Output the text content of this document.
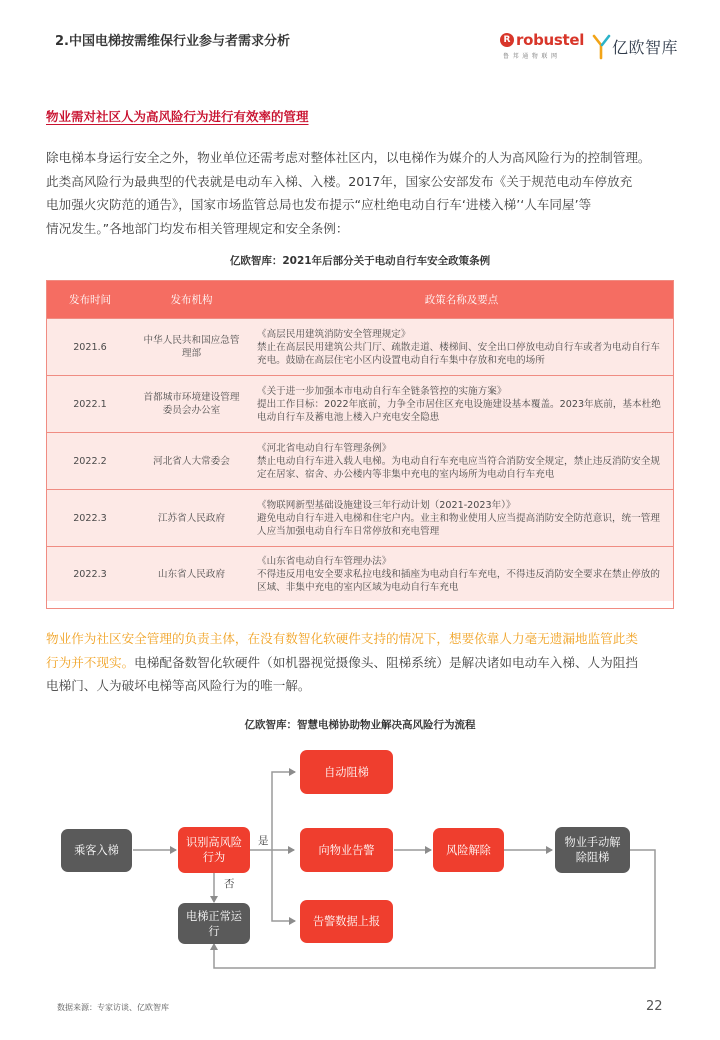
2.中国电梯按需维保行业参与者需求分析	R robustel
鲁邦通物联网	亿欧智库
物业需对社区人为高风险行为进行有效率的管理

除电梯本身运行安全之外，物业单位还需考虑对整体社区内，以电梯作为媒介的人为高风险行为的控制管理。
此类高风险行为最典型的代表就是电动车入梯、入楼。2017年，国家公安部发布《关于规范电动车停放充
电加强火灾防范的通告》，国家市场监管总局也发布提示“应杜绝电动自行车‘进楼入梯’‘人车同屋’等
情况发生。”各地部门均发布相关管理规定和安全条例：

亿欧智库：2021年后部分关于电动自行车安全政策条例
发布时间	发布机构	政策名称及要点
2021.6	中华人民共和国应急管理部	《高层民用建筑消防安全管理规定》
禁止在高层民用建筑公共门厅、疏散走道、楼梯间、安全出口停放电动自行车或者为电动自行车充电。鼓励在高层住宅小区内设置电动自行车集中存放和充电的场所

2022.1	首都城市环境建设管理委员会办公室	《关于进一步加强本市电动自行车全链条管控的实施方案》
提出工作目标：2022年底前，力争全市居住区充电设施建设基本覆盖。2023年底前，基本杜绝电动自行车及蓄电池上楼入户充电安全隐患

2022.2	河北省人大常委会	《河北省电动自行车管理条例》
禁止电动自行车进入载人电梯。为电动自行车充电应当符合消防安全规定，禁止违反消防安全规定在居家、宿舍、办公楼内等非集中充电的室内场所为电动自行车充电

2022.3	江苏省人民政府	《物联网新型基础设施建设三年行动计划（2021-2023年）》
避免电动自行车进入电梯和住宅户内。业主和物业使用人应当提高消防安全防范意识，统一管理人应当加强电动自行车日常停放和充电管理

2022.3	山东省人民政府	《山东省电动自行车管理办法》
不得违反用电安全要求私拉电线和插座为电动自行车充电，不得违反消防安全要求在禁止停放的区域、非集中充电的室内区域为电动自行车充电

物业作为社区安全管理的负责主体，在没有数智化软硬件支持的情况下，想要依靠人力毫无遗漏地监管此类
行为并不现实。电梯配备数智化软硬件（如机器视觉摄像头、阻梯系统）是解决诸如电动车入梯、人为阻挡
电梯门、人为破坏电梯等高风险行为的唯一解。

亿欧智库：智慧电梯协助物业解决高风险行为流程
乘客入梯
识别高风险行为
自动阻梯
向物业告警	风险解除
物业手动解除阻梯
告警数据上报
电梯正常运行
是
否
数据来源：专家访谈、亿欧智库	22
